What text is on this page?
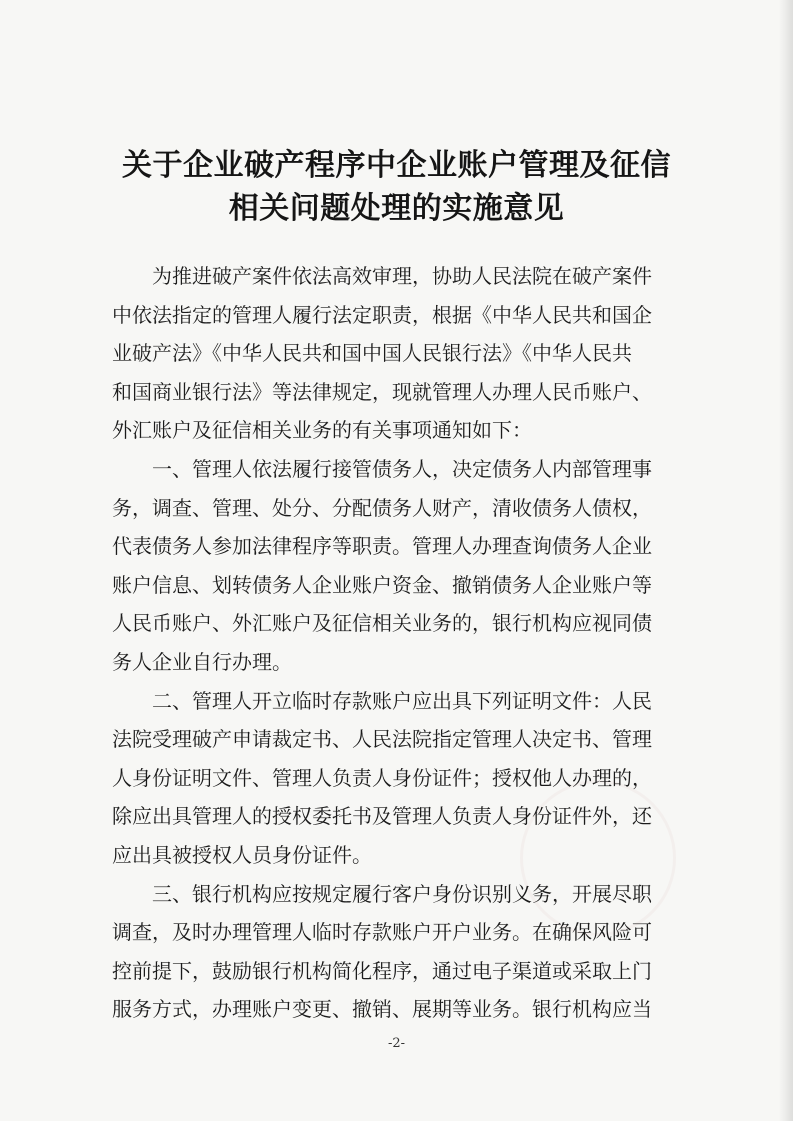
关于企业破产程序中企业账户管理及征信
相关问题处理的实施意见
为推进破产案件依法高效审理，协助人民法院在破产案件
中依法指定的管理人履行法定职责，根据《中华人民共和国企
业破产法》《中华人民共和国中国人民银行法》《中华人民共
和国商业银行法》等法律规定，现就管理人办理人民币账户、
外汇账户及征信相关业务的有关事项通知如下：
一、管理人依法履行接管债务人，决定债务人内部管理事
务，调查、管理、处分、分配债务人财产，清收债务人债权，
代表债务人参加法律程序等职责。管理人办理查询债务人企业
账户信息、划转债务人企业账户资金、撤销债务人企业账户等
人民币账户、外汇账户及征信相关业务的，银行机构应视同债
务人企业自行办理。
二、管理人开立临时存款账户应出具下列证明文件：人民
法院受理破产申请裁定书、人民法院指定管理人决定书、管理
人身份证明文件、管理人负责人身份证件；授权他人办理的，
除应出具管理人的授权委托书及管理人负责人身份证件外，还
应出具被授权人员身份证件。
三、银行机构应按规定履行客户身份识别义务，开展尽职
调查，及时办理管理人临时存款账户开户业务。在确保风险可
控前提下，鼓励银行机构简化程序，通过电子渠道或采取上门
服务方式，办理账户变更、撤销、展期等业务。银行机构应当
-2-
